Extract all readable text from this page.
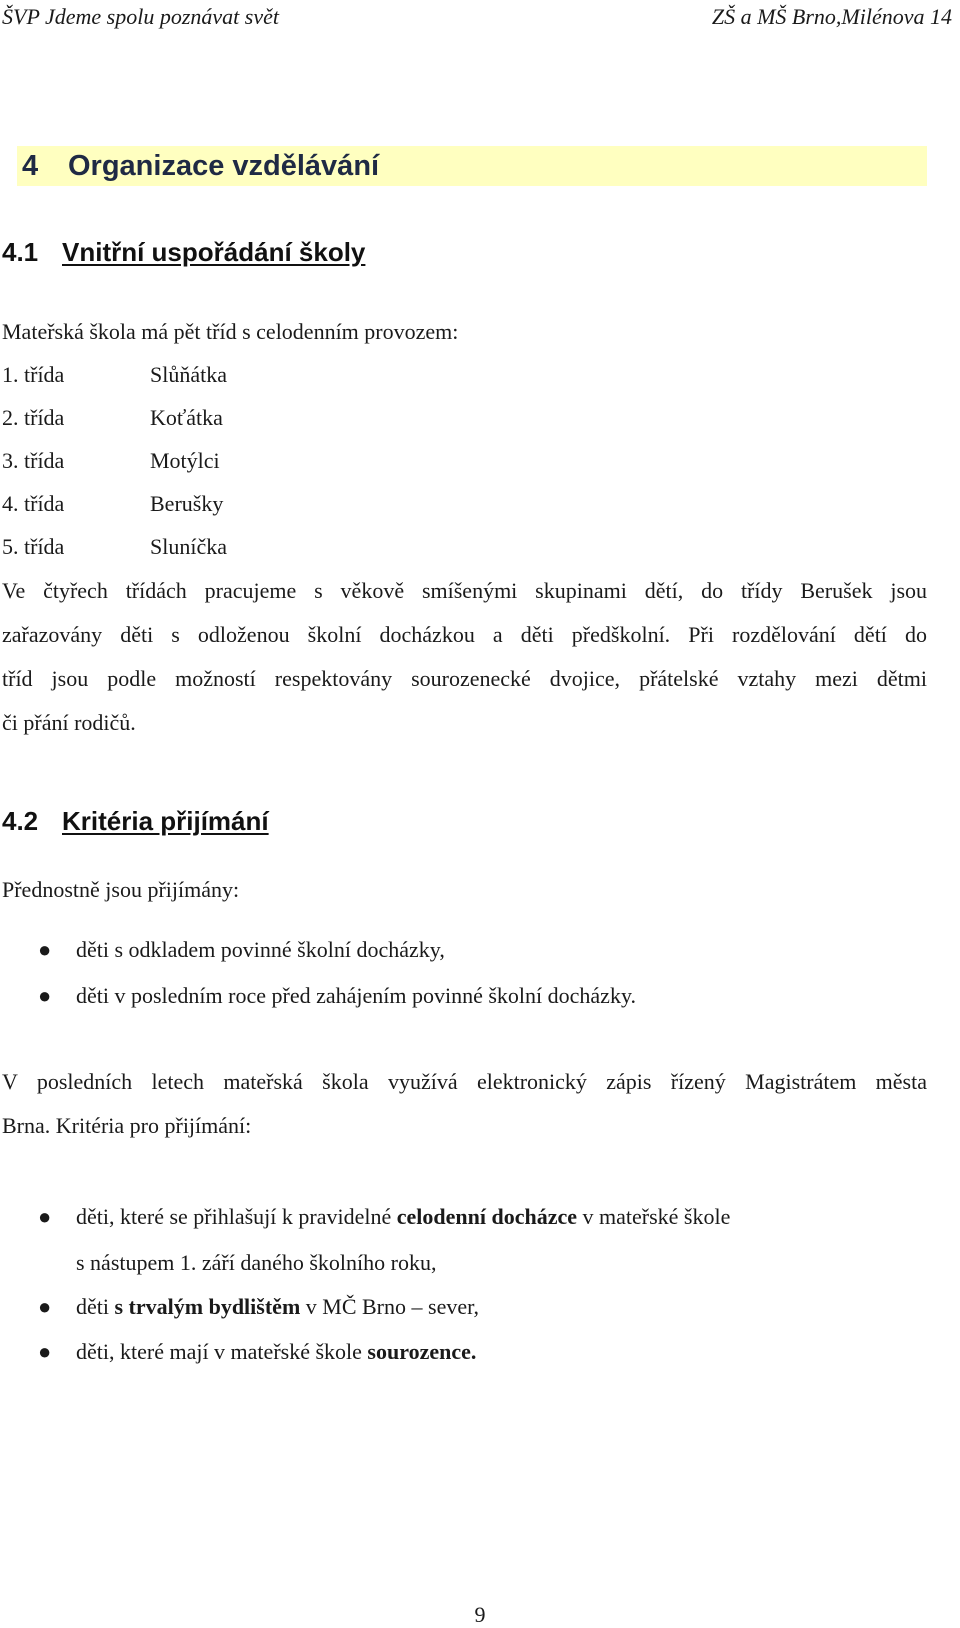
ŠVP Jdeme spolu poznávat svět	ZŠ a MŠ Brno,Milénova 14
4 Organizace vzdělávání
4.1 Vnitřní uspořádání školy
Mateřská škola má pět tříd s celodenním provozem:
1. třída	Slůňátka
2. třída	Koťátka
3. třída	Motýlci
4. třída	Berušky
5. třída	Sluníčka
Ve čtyřech třídách pracujeme s věkově smíšenými skupinami dětí, do třídy Berušek jsou
zařazovány děti s odloženou školní docházkou a děti předškolní. Při rozdělování dětí do
tříd jsou podle možností respektovány sourozenecké dvojice, přátelské vztahy mezi dětmi
či přání rodičů.
4.2 Kritéria přijímání
Přednostně jsou přijímány:
● děti s odkladem povinné školní docházky,
● děti v posledním roce před zahájením povinné školní docházky.
V posledních letech mateřská škola využívá elektronický zápis řízený Magistrátem města
Brna. Kritéria pro přijímání:
● děti, které se přihlašují k pravidelné celodenní docházce v mateřské škole
s nástupem 1. září daného školního roku,
● děti s trvalým bydlištěm v MČ Brno – sever,
● děti, které mají v mateřské škole sourozence.
9
